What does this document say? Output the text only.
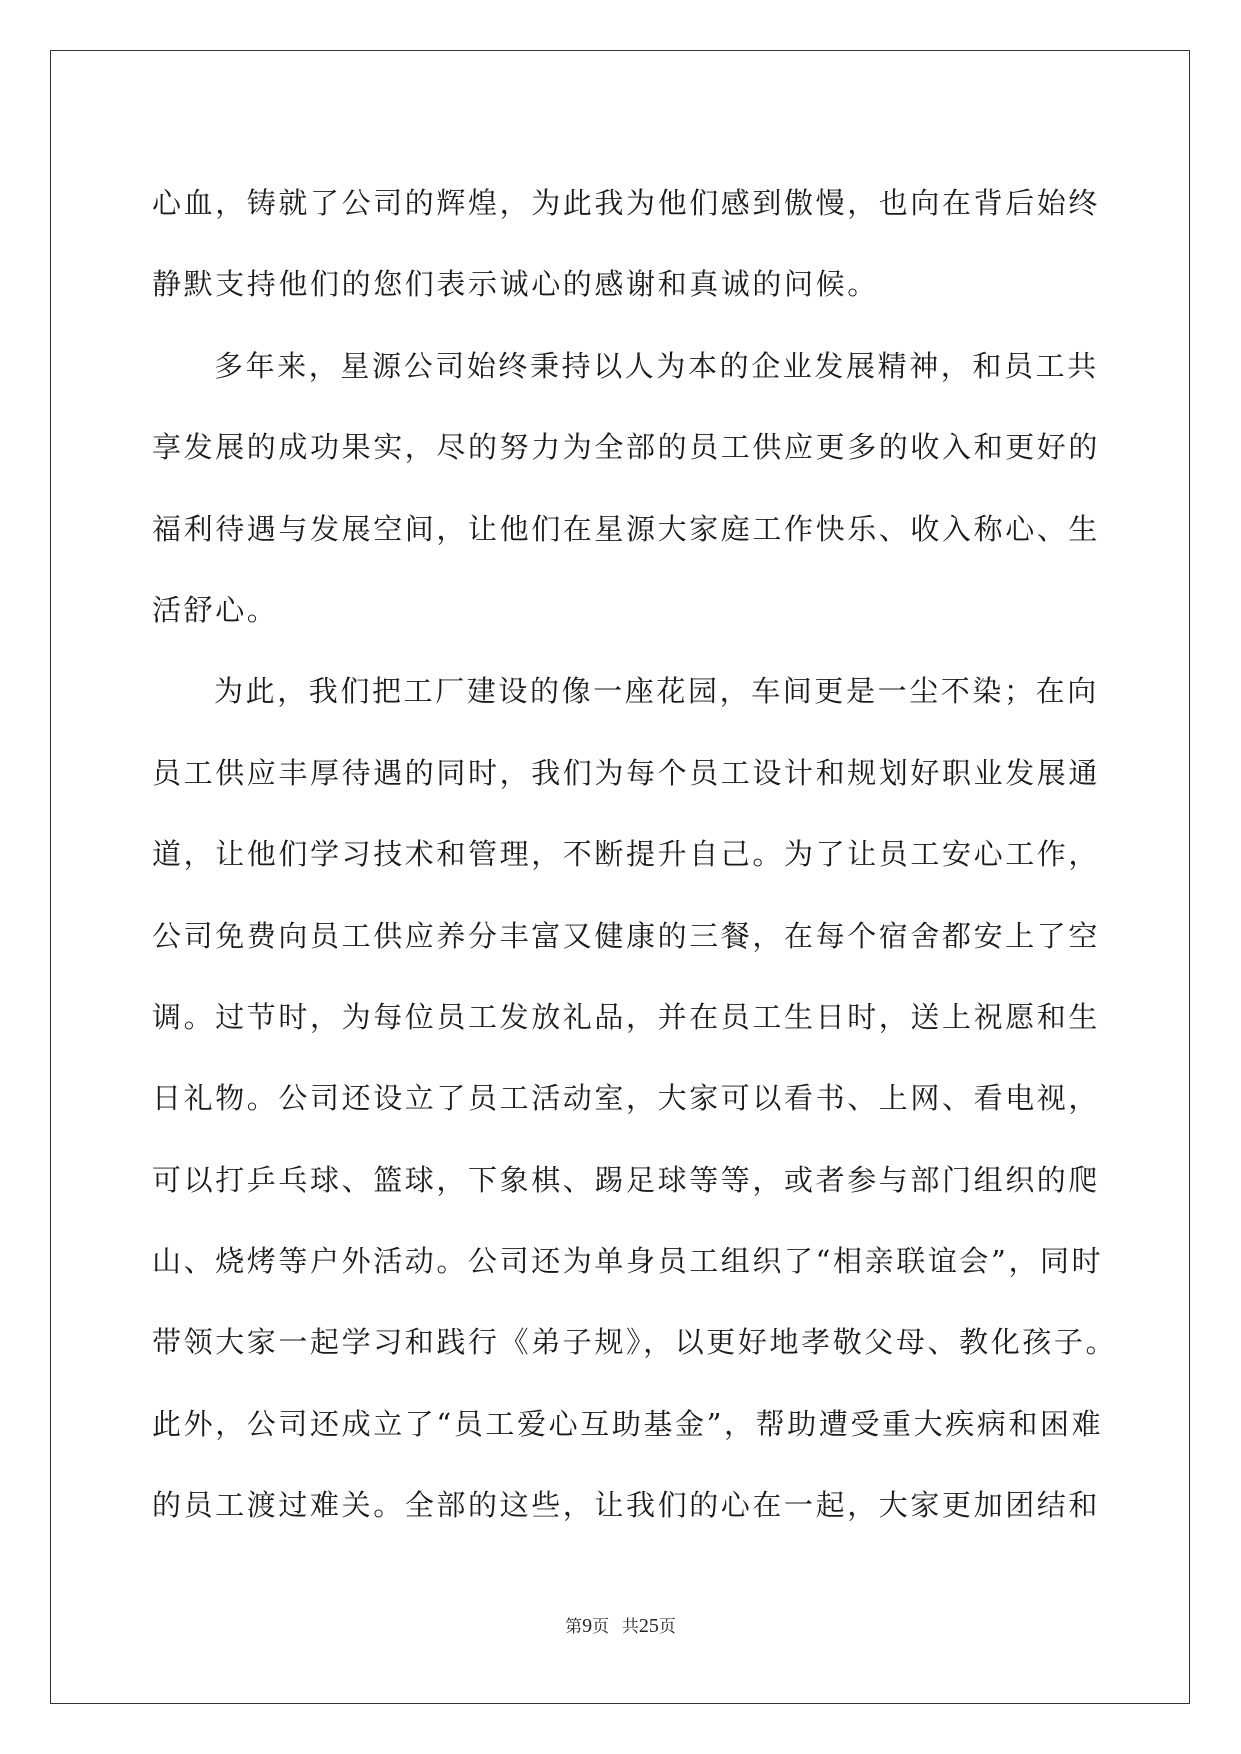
心血，铸就了公司的辉煌，为此我为他们感到傲慢，也向在背后始终
静默支持他们的您们表示诚心的感谢和真诚的问候。
多年来，星源公司始终秉持以人为本的企业发展精神，和员工共
享发展的成功果实，尽的努力为全部的员工供应更多的收入和更好的
福利待遇与发展空间，让他们在星源大家庭工作快乐、收入称心、生
活舒心。
为此，我们把工厂建设的像一座花园，车间更是一尘不染；在向
员工供应丰厚待遇的同时，我们为每个员工设计和规划好职业发展通
道，让他们学习技术和管理，不断提升自己。为了让员工安心工作，
公司免费向员工供应养分丰富又健康的三餐，在每个宿舍都安上了空
调。过节时，为每位员工发放礼品，并在员工生日时，送上祝愿和生
日礼物。公司还设立了员工活动室，大家可以看书、上网、看电视，
可以打乒乓球、篮球，下象棋、踢足球等等，或者参与部门组织的爬
山、烧烤等户外活动。公司还为单身员工组织了“相亲联谊会”，同时
带领大家一起学习和践行《弟子规》，以更好地孝敬父母、教化孩子。
此外，公司还成立了“员工爱心互助基金”，帮助遭受重大疾病和困难
的员工渡过难关。全部的这些，让我们的心在一起，大家更加团结和
第9页 共25页
